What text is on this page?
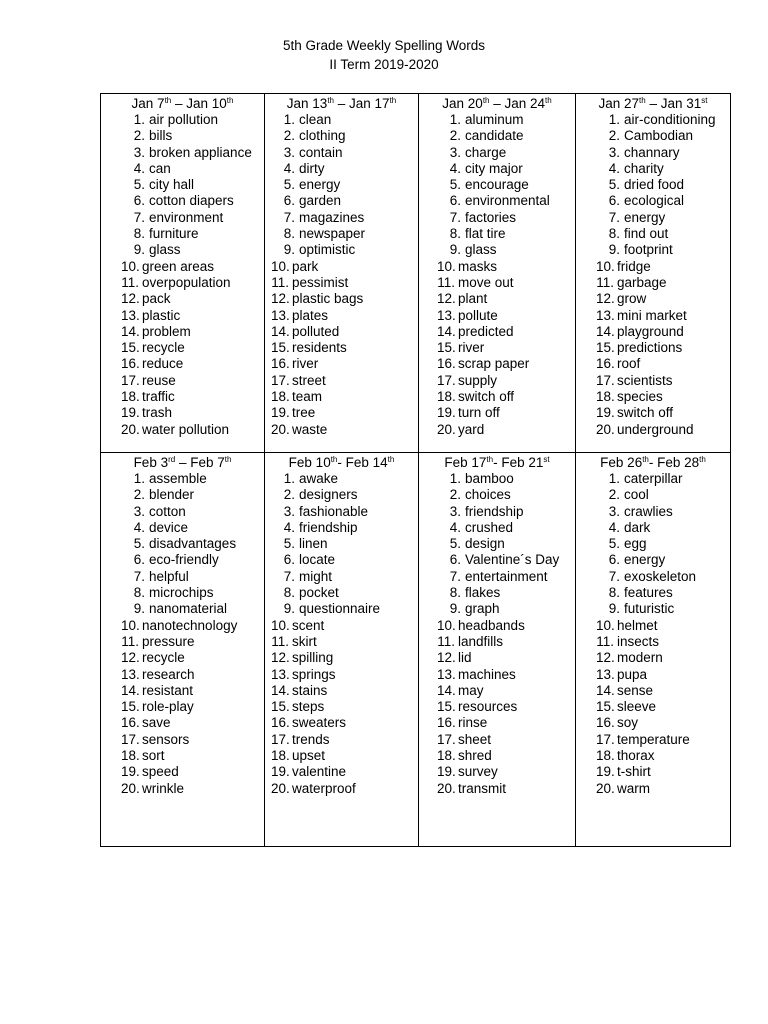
5th Grade Weekly Spelling Words
II Term 2019-2020
Jan 7th – Jan 10th
1. air pollution
2. bills
3. broken appliance
4. can
5. city hall
6. cotton diapers
7. environment
8. furniture
9. glass
10. green areas
11. overpopulation
12. pack
13. plastic
14. problem
15. recycle
16. reduce
17. reuse
18. traffic
19. trash
20. water pollution
Jan 13th – Jan 17th
1. clean
2. clothing
3. contain
4. dirty
5. energy
6. garden
7. magazines
8. newspaper
9. optimistic
10. park
11. pessimist
12. plastic bags
13. plates
14. polluted
15. residents
16. river
17. street
18. team
19. tree
20. waste
Jan 20th – Jan 24th
1. aluminum
2. candidate
3. charge
4. city major
5. encourage
6. environmental
7. factories
8. flat tire
9. glass
10. masks
11. move out
12. plant
13. pollute
14. predicted
15. river
16. scrap paper
17. supply
18. switch off
19. turn off
20. yard
Jan 27th – Jan 31st
1. air-conditioning
2. Cambodian
3. channary
4. charity
5. dried food
6. ecological
7. energy
8. find out
9. footprint
10. fridge
11. garbage
12. grow
13. mini market
14. playground
15. predictions
16. roof
17. scientists
18. species
19. switch off
20. underground
Feb 3rd – Feb 7th
1. assemble
2. blender
3. cotton
4. device
5. disadvantages
6. eco-friendly
7. helpful
8. microchips
9. nanomaterial
10. nanotechnology
11. pressure
12. recycle
13. research
14. resistant
15. role-play
16. save
17. sensors
18. sort
19. speed
20. wrinkle
Feb 10th- Feb 14th
1. awake
2. designers
3. fashionable
4. friendship
5. linen
6. locate
7. might
8. pocket
9. questionnaire
10. scent
11. skirt
12. spilling
13. springs
14. stains
15. steps
16. sweaters
17. trends
18. upset
19. valentine
20. waterproof
Feb 17th- Feb 21st
1. bamboo
2. choices
3. friendship
4. crushed
5. design
6. Valentine´s Day
7. entertainment
8. flakes
9. graph
10. headbands
11. landfills
12. lid
13. machines
14. may
15. resources
16. rinse
17. sheet
18. shred
19. survey
20. transmit
Feb 26th- Feb 28th
1. caterpillar
2. cool
3. crawlies
4. dark
5. egg
6. energy
7. exoskeleton
8. features
9. futuristic
10. helmet
11. insects
12. modern
13. pupa
14. sense
15. sleeve
16. soy
17. temperature
18. thorax
19. t-shirt
20. warm
